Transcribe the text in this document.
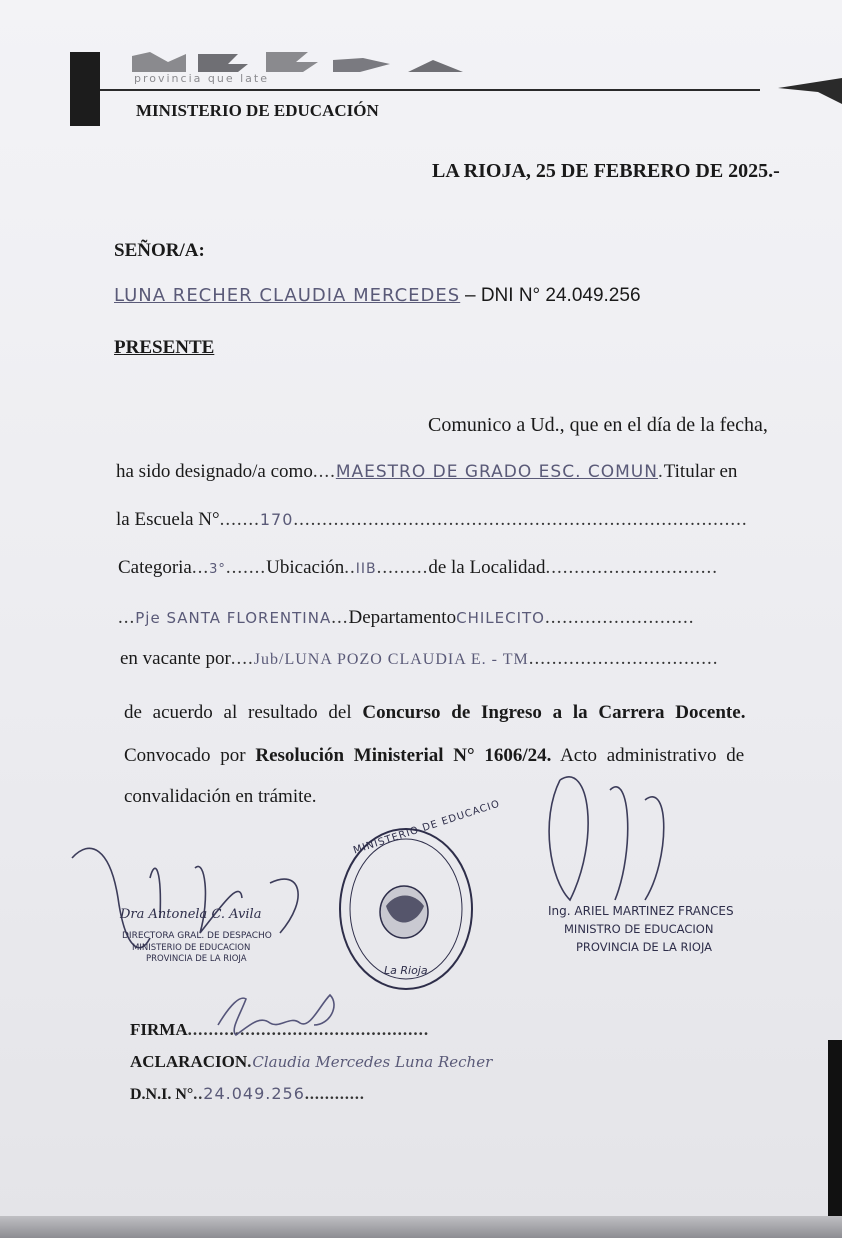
provincia que late
MINISTERIO DE EDUCACIÓN
LA RIOJA, 25 DE FEBRERO DE 2025.-
SEÑOR/A:
LUNA RECHER CLAUDIA MERCEDES – DNI N° 24.049.256
PRESENTE
Comunico a Ud., que en el día de la fecha,
ha sido designado/a como....MAESTRO DE GRADO ESC. COMUN.Titular en
la Escuela N°.......170...............................................................................
Categoria...3°.......Ubicación..IIB.........de la Localidad..............................
...Pje SANTA FLORENTINA...DepartamentoCHILECITO..........................
en vacante por....Jub/LUNA POZO CLAUDIA E. - TM.................................
de acuerdo al resultado del Concurso de Ingreso a la Carrera Docente.
Convocado por Resolución Ministerial N° 1606/24. Acto administrativo de
convalidación en trámite.
Dra Antonela C. Avila
DIRECTORA GRAL. DE DESPACHO
MINISTERIO DE EDUCACION
PROVINCIA DE LA RIOJA
MINISTERIO DE EDUCACIO
La Rioja
Ing. ARIEL MARTINEZ FRANCES
MINISTRO DE EDUCACION
PROVINCIA DE LA RIOJA
FIRMA..............................................
ACLARACION.Claudia Mercedes Luna Recher
D.N.I. N°..24.049.256............
